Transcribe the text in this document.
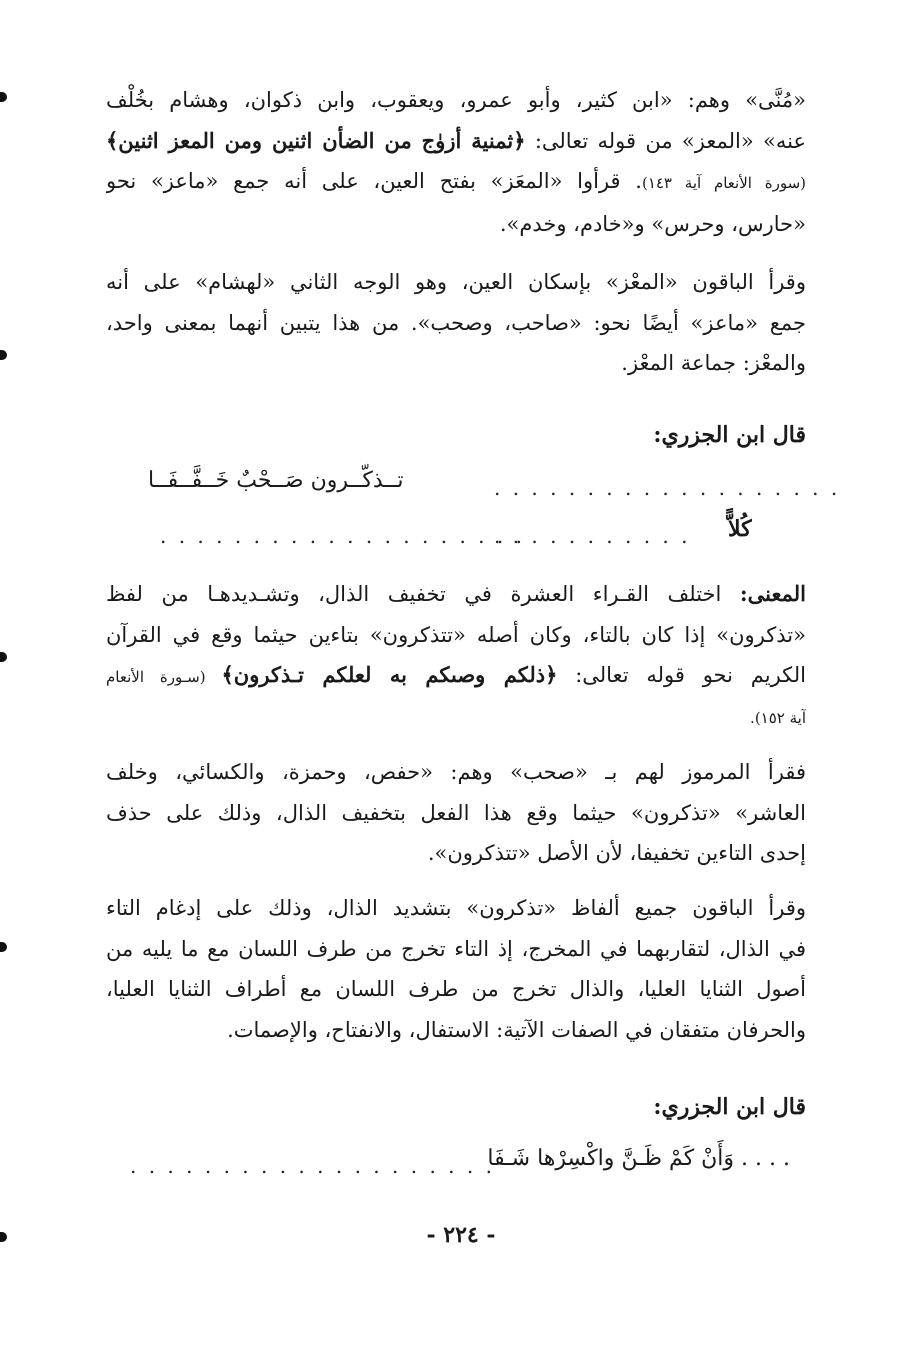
«مُنَّى» وهم: «ابن كثير، وأبو عمرو، ويعقوب، وابن ذكوان، وهشام بخُلْف
عنه» «المعز» من قوله تعالى: ﴿ثمنية أزوٰج من الضأن اثنين ومن المعز اثنين﴾
(سورة الأنعام آية ١٤٣). قرأوا «المعَز» بفتح العين، على أنه جمع «ماعز» نحو
«حارس، وحرس» و«خادم، وخدم».
وقرأ الباقون «المعْز» بإسكان العين، وهو الوجه الثاني «لهشام» على أنه
جمع «ماعز» أيضًا نحو: «صاحب، وصحب». من هذا يتبين أنهما بمعنى واحد،
والمعْز: جماعة المعْز.
قال ابن الجزري:
. . . . . . . . . . . . . . . . . . .
تــذكّــرون صَــحْبٌ خَــفَّــفَــا
كُلاًّ
. . . . . . . . . . .
. . . . . . . . . . . . . . . . . . . .
المعنى: اختلف القـراء العشرة في تخفيف الذال، وتشـديدهـا من لفظ
«تذكرون» إذا كان بالتاء، وكان أصله «تتذكرون» بتاءين حيثما وقع في القرآن
الكريم نحو قوله تعالى: ﴿ذلكم وصىكم به لعلكم تـذكرون﴾ (سـورة الأنعام
آية ١٥٢).
فقرأ المرموز لهم بـ «صحب» وهم: «حفص، وحمزة، والكسائي، وخلف
العاشر» «تذكرون» حيثما وقع هذا الفعل بتخفيف الذال، وذلك على حذف
إحدى التاءين تخفيفا، لأن الأصل «تتذكرون».
وقرأ الباقون جميع ألفاظ «تذكرون» بتشديد الذال، وذلك على إدغام التاء
في الذال، لتقاربهما في المخرج، إذ التاء تخرج من طرف اللسان مع ما يليه من
أصول الثنايا العليا، والذال تخرج من طرف اللسان مع أطراف الثنايا العليا،
والحرفان متفقان في الصفات الآتية: الاستفال، والانفتاح، والإصمات.
قال ابن الجزري:
. . . . وَأَنْ كَمْ ظَـنَّ واكْسِرْها شَـفَا
. . . . . . . . . . . . . . . . . . . .
- ٢٢٤ -
